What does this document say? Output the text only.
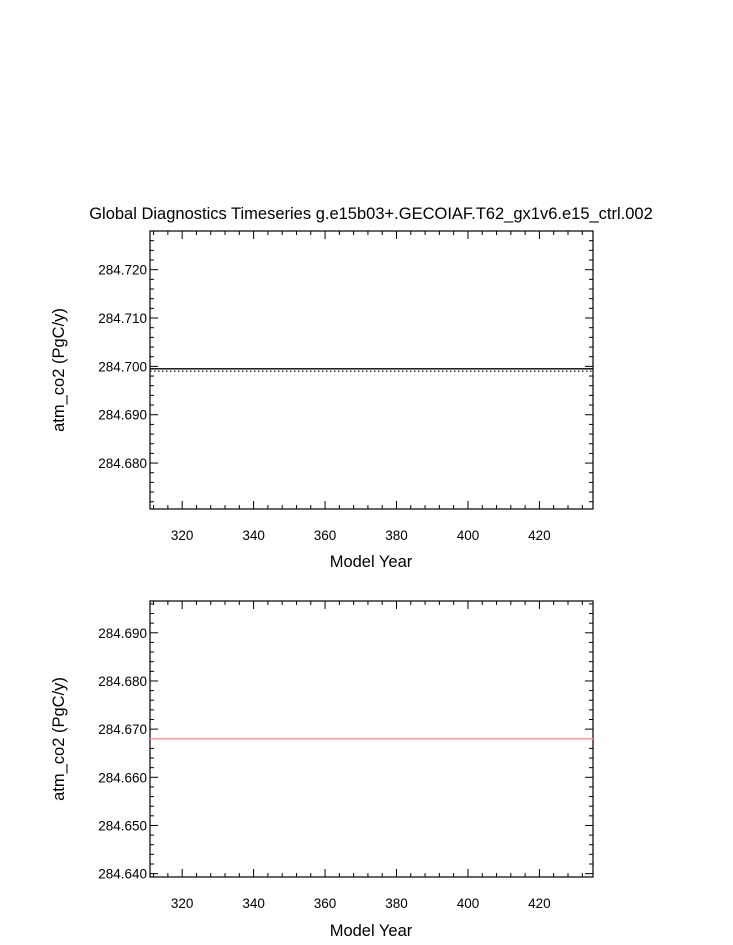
Global Diagnostics Timeseries g.e15b03+.GECOIAF.T62_gx1v6.e15_ctrl.002
320	340	360	380	400	420
284.680
284.690
284.700
284.710
284.720
Model Year
atm_co2 (PgC/y)
320	340	360	380	400	420
284.640
284.650
284.660
284.670
284.680
284.690
Model Year
atm_co2 (PgC/y)
